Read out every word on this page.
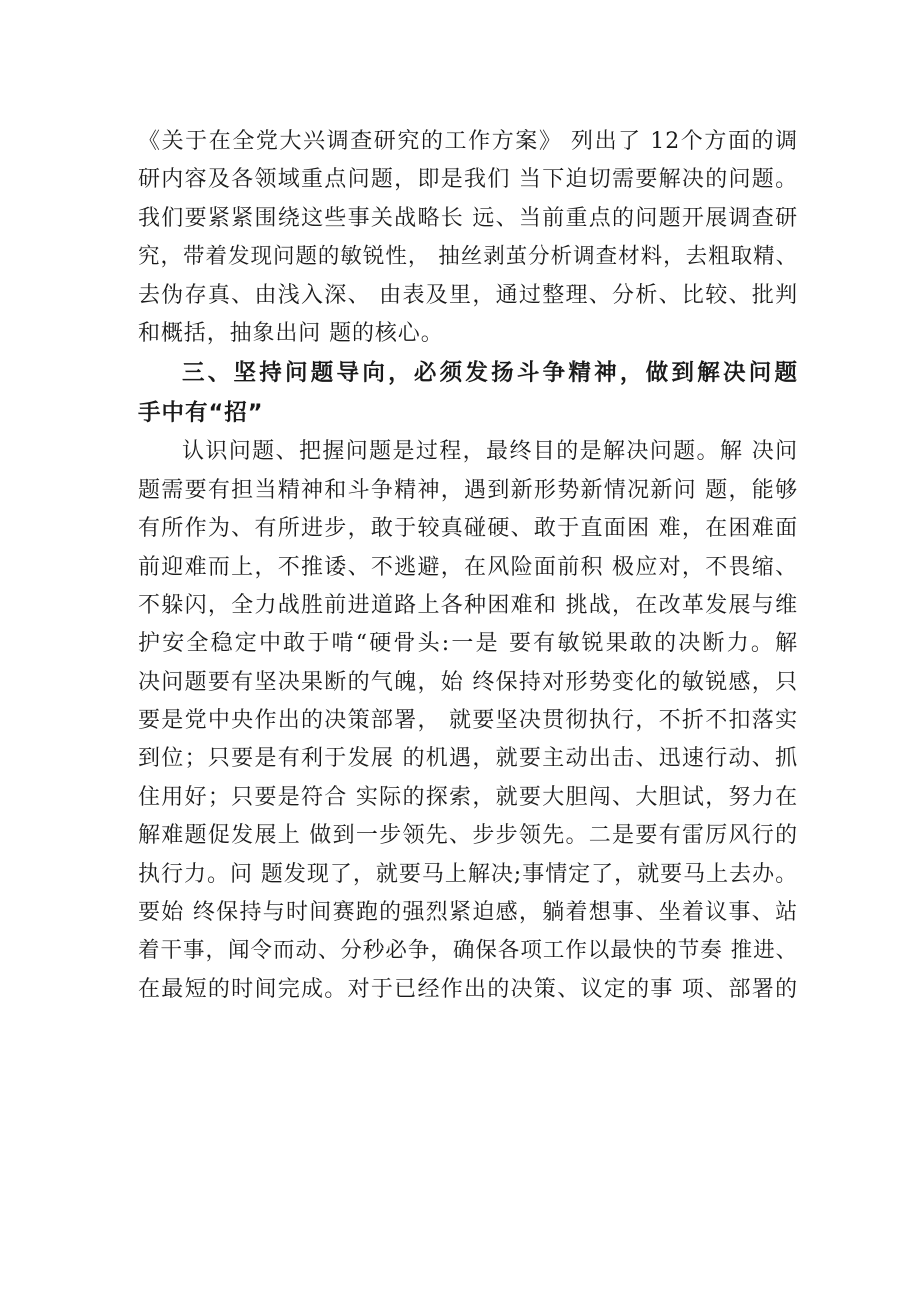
《关于在全党大兴调查研究的工作方案》 列出了 12个方面的调
研内容及各领域重点问题，即是我们 当下迫切需要解决的问题。
我们要紧紧围绕这些事关战略长 远、当前重点的问题开展调查研
究，带着发现问题的敏锐性， 抽丝剥茧分析调查材料，去粗取精、
去伪存真、由浅入深、 由表及里，通过整理、分析、比较、批判
和概括，抽象出问 题的核心。
三、坚持问题导向，必须发扬斗争精神，做到解决问题
手中有“招”
认识问题、把握问题是过程，最终目的是解决问题。解 决问
题需要有担当精神和斗争精神，遇到新形势新情况新问 题，能够
有所作为、有所进步，敢于较真碰硬、敢于直面困 难，在困难面
前迎难而上，不推诿、不逃避，在风险面前积 极应对，不畏缩、
不躲闪，全力战胜前进道路上各种困难和 挑战，在改革发展与维
护安全稳定中敢于啃“硬骨头:一是 要有敏锐果敢的决断力。解
决问题要有坚决果断的气魄，始 终保持对形势变化的敏锐感，只
要是党中央作出的决策部署， 就要坚决贯彻执行，不折不扣落实
到位；只要是有利于发展 的机遇，就要主动出击、迅速行动、抓
住用好；只要是符合 实际的探索，就要大胆闯、大胆试，努力在
解难题促发展上 做到一步领先、步步领先。二是要有雷厉风行的
执行力。问 题发现了，就要马上解决;事情定了，就要马上去办。
要始 终保持与时间赛跑的强烈紧迫感，躺着想事、坐着议事、站
着干事，闻令而动、分秒必争，确保各项工作以最快的节奏 推进、
在最短的时间完成。对于已经作出的决策、议定的事 项、部署的
